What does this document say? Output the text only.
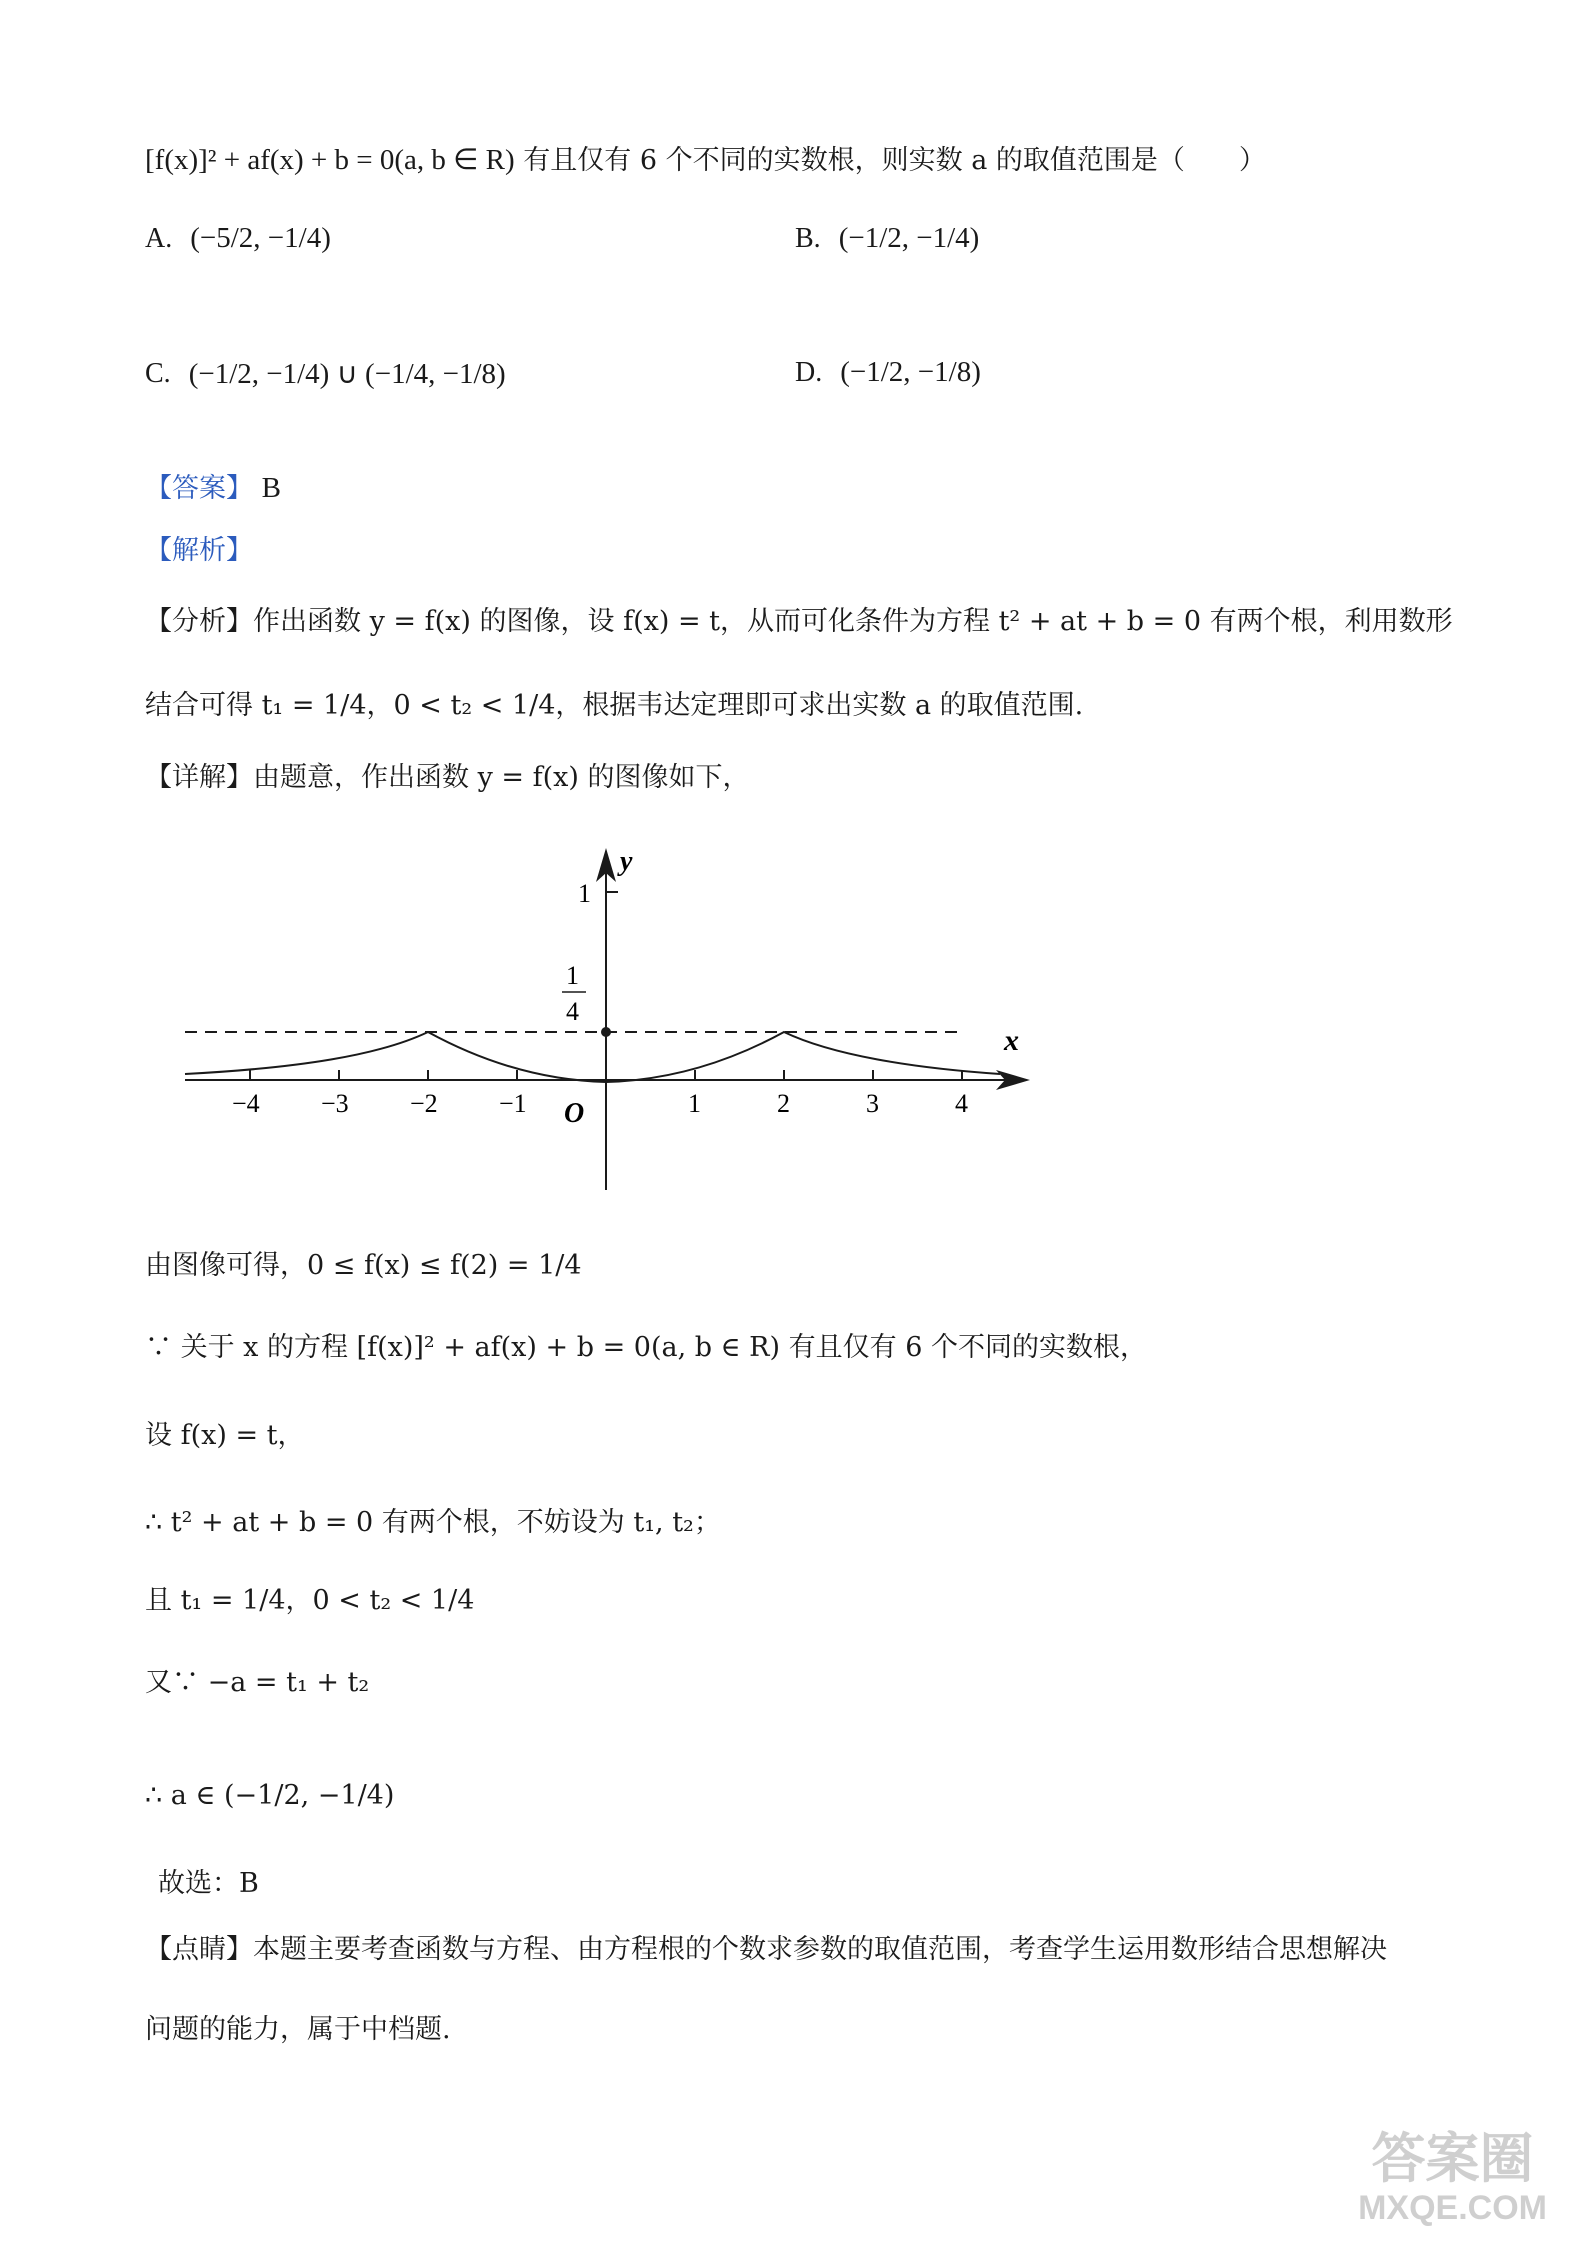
[f(x)]² + af(x) + b = 0(a, b ∈ R) 有且仅有 6 个不同的实数根，则实数 a 的取值范围是（　　）
A. (−5/2, −1/4)	B. (−1/2, −1/4)
C. (−1/2, −1/4) ∪ (−1/4, −1/8)	D. (−1/2, −1/8)
【答案】 B
【解析】
【分析】作出函数 y = f(x) 的图像，设 f(x) = t，从而可化条件为方程 t² + at + b = 0 有两个根，利用数形
结合可得 t₁ = 1/4，0 < t₂ < 1/4，根据韦达定理即可求出实数 a 的取值范围.
【详解】由题意，作出函数 y = f(x) 的图像如下，
1
y
x
1
4
O
−4 −3 −2 −1	1	2	3	4
由图像可得，0 ≤ f(x) ≤ f(2) = 1/4
∵ 关于 x 的方程 [f(x)]² + af(x) + b = 0(a, b ∈ R) 有且仅有 6 个不同的实数根，
设 f(x) = t，
∴ t² + at + b = 0 有两个根，不妨设为 t₁, t₂；
且 t₁ = 1/4，0 < t₂ < 1/4
又∵ −a = t₁ + t₂
∴ a ∈ (−1/2, −1/4)
故选：B
【点睛】本题主要考查函数与方程、由方程根的个数求参数的取值范围，考查学生运用数形结合思想解决
问题的能力，属于中档题.
答案圈
MXQE.COM
